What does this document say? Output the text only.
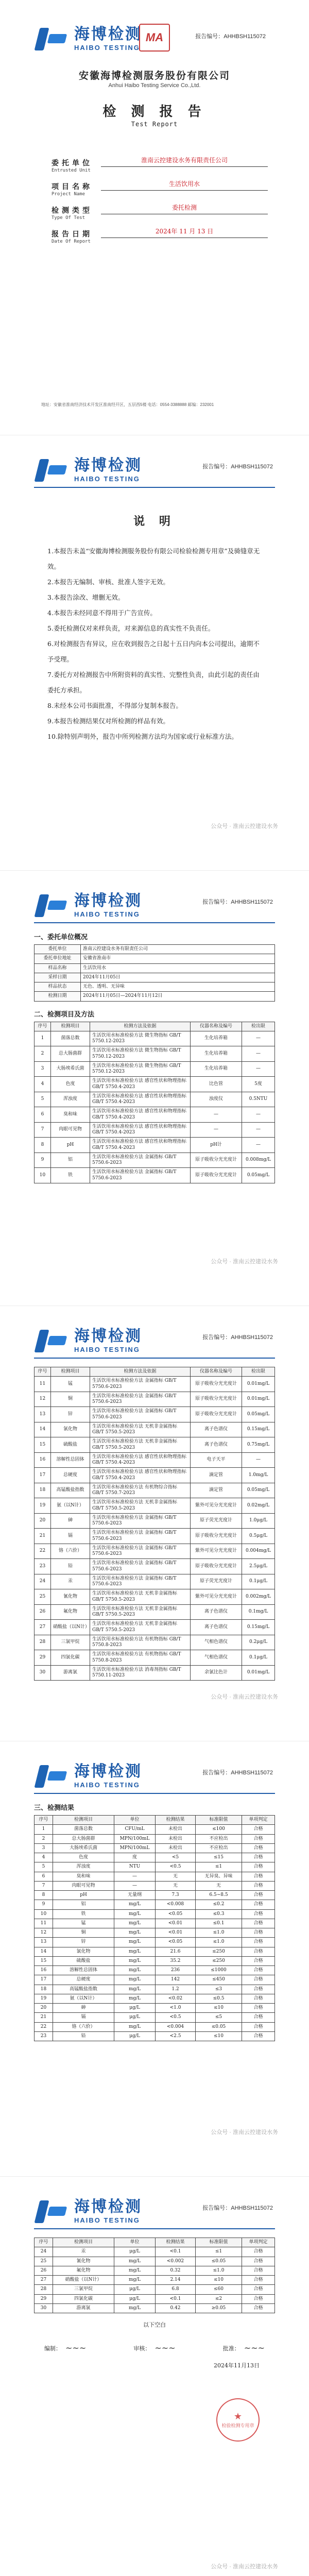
海博检测
HAIBO TESTING
MA	报告编号：AHHBSH115072
安徽海博检测服务股份有限公司
Anhui Haibo Testing Service Co.,Ltd.
检 测 报 告
Test Report
委托单位
Entrusted Unit
淮南云控建设水务有限责任公司
项目名称
Project Name
生活饮用水
检测类型
Type Of Test
委托检测
报告日期
Date Of Report
2024年 11 月 13 日
地址：安徽省淮南经济技术开发区淮南经开区，五层西5楼 电话：0554-3388888 邮编：232001
海博检测
HAIBO TESTING
报告编号：AHHBSH115072
说 明

1.本报告未盖“安徽海博检测服务股份有限公司检验检测专用章”及骑缝章无效。

2.本报告无编制、审核、批准人签字无效。

3.本报告涂改、增删无效。

4.本报告未经同意不得用于广告宣传。

5.委托检测仅对来样负责，对来源信息的真实性不负责任。

6.对检测报告有异议，应在收到报告之日起十五日内向本公司提出，逾期不予受理。

7.委托方对检测报告中所附资料的真实性、完整性负责，由此引起的责任由委托方承担。

8.未经本公司书面批准，不得部分复制本报告。

9.本报告检测结果仅对所检测的样品有效。

10.除特别声明外，报告中所列检测方法均为国家或行业标准方法。

公众号 · 淮南云控建设水务
海博检测
HAIBO TESTING
报告编号：AHHBSH115072
一、委托单位概况
委托单位	淮南云控建设水务有限责任公司
委托单位地址	安徽省淮南市
样品名称	生活饮用水
采样日期	2024年11月05日
样品状态	无色、透明、无异味
检测日期	2024年11月05日—2024年11月12日
二、检测项目及方法
序号	检测项目	检测方法及依据	仪器名称及编号	检出限
1	菌落总数	生活饮用水标准检验方法 微生物指标 GB/T 5750.12-2023	生化培养箱	—
2	总大肠菌群	生活饮用水标准检验方法 微生物指标 GB/T 5750.12-2023	生化培养箱	—
3	大肠埃希氏菌	生活饮用水标准检验方法 微生物指标 GB/T 5750.12-2023	生化培养箱	—
4	色度	生活饮用水标准检验方法 感官性状和物理指标 GB/T 5750.4-2023	比色管	5度
5	浑浊度	生活饮用水标准检验方法 感官性状和物理指标 GB/T 5750.4-2023	浊度仪	0.5NTU
6	臭和味	生活饮用水标准检验方法 感官性状和物理指标 GB/T 5750.4-2023	—	—
7	肉眼可见物	生活饮用水标准检验方法 感官性状和物理指标 GB/T 5750.4-2023	—	—
8	pH	生活饮用水标准检验方法 感官性状和物理指标 GB/T 5750.4-2023	pH计	—
9	铝	生活饮用水标准检验方法 金属指标 GB/T 5750.6-2023	原子吸收分光光度计	0.008mg/L
10	铁	生活饮用水标准检验方法 金属指标 GB/T 5750.6-2023	原子吸收分光光度计	0.05mg/L
公众号 · 淮南云控建设水务
海博检测
HAIBO TESTING
报告编号：AHHBSH115072
序号	检测项目	检测方法及依据	仪器名称及编号	检出限
11	锰	生活饮用水标准检验方法 金属指标 GB/T 5750.6-2023	原子吸收分光光度计	0.01mg/L
12	铜	生活饮用水标准检验方法 金属指标 GB/T 5750.6-2023	原子吸收分光光度计	0.01mg/L
13	锌	生活饮用水标准检验方法 金属指标 GB/T 5750.6-2023	原子吸收分光光度计	0.05mg/L
14	氯化物	生活饮用水标准检验方法 无机非金属指标 GB/T 5750.5-2023	离子色谱仪	0.15mg/L
15	硫酸盐	生活饮用水标准检验方法 无机非金属指标 GB/T 5750.5-2023	离子色谱仪	0.75mg/L
16	溶解性总固体	生活饮用水标准检验方法 感官性状和物理指标 GB/T 5750.4-2023	电子天平	—
17	总硬度	生活饮用水标准检验方法 感官性状和物理指标 GB/T 5750.4-2023	滴定管	1.0mg/L
18	高锰酸盐指数	生活饮用水标准检验方法 有机物综合指标 GB/T 5750.7-2023	滴定管	0.05mg/L
19	氨（以N计）	生活饮用水标准检验方法 无机非金属指标 GB/T 5750.5-2023	紫外可见分光光度计	0.02mg/L
20	砷	生活饮用水标准检验方法 金属指标 GB/T 5750.6-2023	原子荧光光度计	1.0μg/L
21	镉	生活饮用水标准检验方法 金属指标 GB/T 5750.6-2023	原子吸收分光光度计	0.5μg/L
22	铬（六价）	生活饮用水标准检验方法 金属指标 GB/T 5750.6-2023	紫外可见分光光度计	0.004mg/L
23	铅	生活饮用水标准检验方法 金属指标 GB/T 5750.6-2023	原子吸收分光光度计	2.5μg/L
24	汞	生活饮用水标准检验方法 金属指标 GB/T 5750.6-2023	原子荧光光度计	0.1μg/L
25	氰化物	生活饮用水标准检验方法 无机非金属指标 GB/T 5750.5-2023	紫外可见分光光度计	0.002mg/L
26	氟化物	生活饮用水标准检验方法 无机非金属指标 GB/T 5750.5-2023	离子色谱仪	0.1mg/L
27	硝酸盐（以N计）	生活饮用水标准检验方法 无机非金属指标 GB/T 5750.5-2023	离子色谱仪	0.15mg/L
28	三氯甲烷	生活饮用水标准检验方法 有机物指标 GB/T 5750.8-2023	气相色谱仪	0.2μg/L
29	四氯化碳	生活饮用水标准检验方法 有机物指标 GB/T 5750.8-2023	气相色谱仪	0.1μg/L
30	游离氯	生活饮用水标准检验方法 消毒剂指标 GB/T 5750.11-2023	余氯比色计	0.01mg/L
公众号 · 淮南云控建设水务
海博检测
HAIBO TESTING
报告编号：AHHBSH115072
三、检测结果
序号	检测项目	单位	检测结果	标准限值	单项判定
1	菌落总数	CFU/mL	未检出	≤100	合格
2	总大肠菌群	MPN/100mL	未检出	不应检出	合格
3	大肠埃希氏菌	MPN/100mL	未检出	不应检出	合格
4	色度	度	<5	≤15	合格
5	浑浊度	NTU	<0.5	≤1	合格
6	臭和味	—	无	无异臭、异味	合格
7	肉眼可见物	—	无	无	合格
8	pH	无量纲	7.3	6.5~8.5	合格
9	铝	mg/L	<0.008	≤0.2	合格
10	铁	mg/L	<0.05	≤0.3	合格
11	锰	mg/L	<0.01	≤0.1	合格
12	铜	mg/L	<0.01	≤1.0	合格
13	锌	mg/L	<0.05	≤1.0	合格
14	氯化物	mg/L	21.6	≤250	合格
15	硫酸盐	mg/L	35.2	≤250	合格
16	溶解性总固体	mg/L	236	≤1000	合格
17	总硬度	mg/L	142	≤450	合格
18	高锰酸盐指数	mg/L	1.2	≤3	合格
19	氨（以N计）	mg/L	<0.02	≤0.5	合格
20	砷	μg/L	<1.0	≤10	合格
21	镉	μg/L	<0.5	≤5	合格
22	铬（六价）	mg/L	<0.004	≤0.05	合格
23	铅	μg/L	<2.5	≤10	合格
公众号 · 淮南云控建设水务
海博检测
HAIBO TESTING
报告编号：AHHBSH115072
序号	检测项目	单位	检测结果	标准限值	单项判定
24	汞	μg/L	<0.1	≤1	合格
25	氰化物	mg/L	<0.002	≤0.05	合格
26	氟化物	mg/L	0.32	≤1.0	合格
27	硝酸盐（以N计）	mg/L	2.14	≤10	合格
28	三氯甲烷	μg/L	6.8	≤60	合格
29	四氯化碳	μg/L	<0.1	≤2	合格
30	游离氯	mg/L	0.42	≥0.05	合格
以下空白
编制： ~~~	审核： ~~~	批准： ~~~
2024年11月13日
★
检验检测专用章
公众号 · 淮南云控建设水务
